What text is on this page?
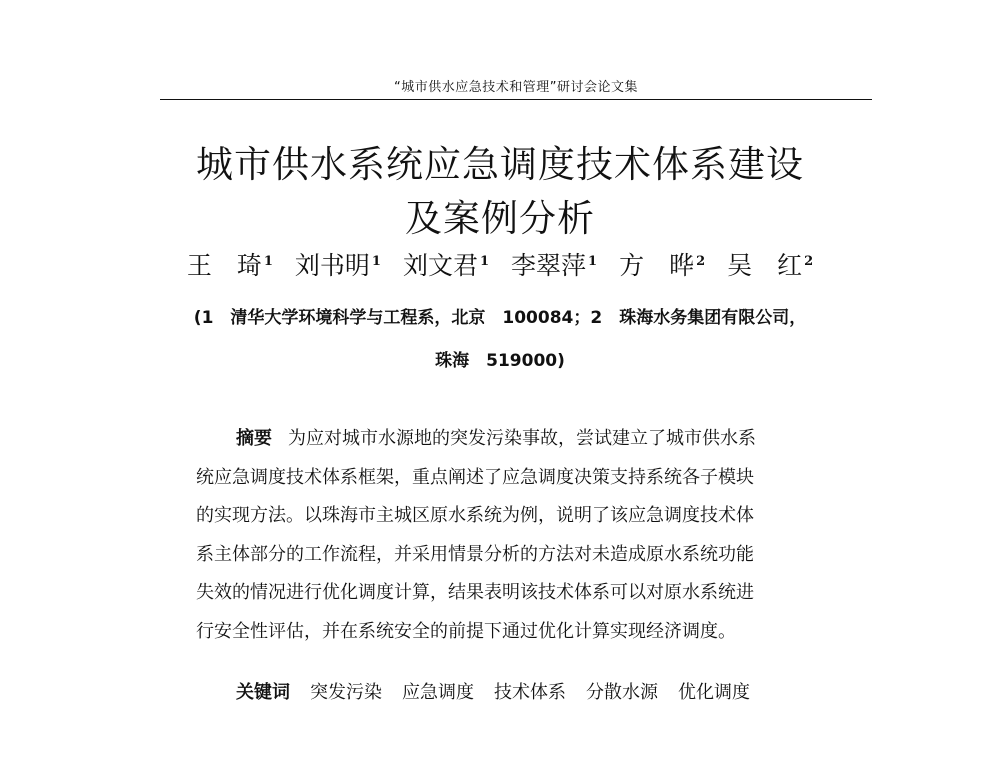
“城市供水应急技术和管理”研讨会论文集
城市供水系统应急调度技术体系建设
及案例分析
王　琦 $^1$ 刘书明 $^1$ 刘文君 $^1$ 李翠萍 $^1$ 方　晔 $^2$ 吴　红 $^2$
(1　清华大学环境科学与工程系，北京　100084；2　珠海水务集团有限公司，
珠海　519000)
摘要 为应对城市水源地的突发污染事故，尝试建立了城市供水系
统应急调度技术体系框架，重点阐述了应急调度决策支持系统各子模块
的实现方法。以珠海市主城区原水系统为例，说明了该应急调度技术体
系主体部分的工作流程，并采用情景分析的方法对未造成原水系统功能
失效的情况进行优化调度计算，结果表明该技术体系可以对原水系统进
行安全性评估，并在系统安全的前提下通过优化计算实现经济调度。
关键词 突发污染 应急调度 技术体系 分散水源 优化调度
